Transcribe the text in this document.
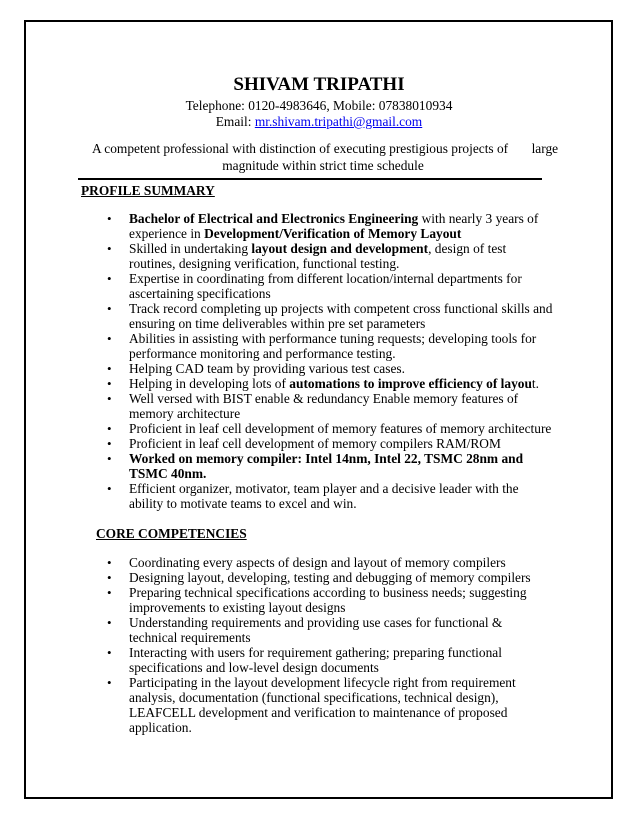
SHIVAM TRIPATHI
Telephone: 0120-4983646, Mobile: 07838010934
Email: mr.shivam.tripathi@gmail.com
A competent professional with distinction of executing prestigious projects of       large
magnitude within strict time schedule
PROFILE SUMMARY
• Bachelor of Electrical and Electronics Engineering with nearly 3 years of experience in Development/Verification of Memory Layout
• Skilled in undertaking layout design and development, design of test routines, designing verification, functional testing.
• Expertise in coordinating from different location/internal departments for ascertaining specifications
• Track record completing up projects with competent cross functional skills and ensuring on time deliverables within pre set parameters
• Abilities in assisting with performance tuning requests; developing tools for performance monitoring and performance testing.
• Helping CAD team by providing various test cases.
• Helping in developing lots of automations to improve efficiency of layout.
• Well versed with BIST enable & redundancy Enable memory features of memory architecture
• Proficient in leaf cell development of memory features of memory architecture
• Proficient in leaf cell development of memory compilers RAM/ROM
• Worked on memory compiler: Intel 14nm, Intel 22, TSMC 28nm and TSMC 40nm.
• Efficient organizer, motivator, team player and a decisive leader with the ability to motivate teams to excel and win.
CORE COMPETENCIES
• Coordinating every aspects of design and layout of memory compilers
• Designing layout, developing, testing and debugging of memory compilers
• Preparing technical specifications according to business needs; suggesting improvements to existing layout designs
• Understanding requirements and providing use cases for functional & technical requirements
• Interacting with users for requirement gathering; preparing functional specifications and low-level design documents
• Participating in the layout development lifecycle right from requirement analysis, documentation (functional specifications, technical design), LEAFCELL development and verification to maintenance of proposed application.
